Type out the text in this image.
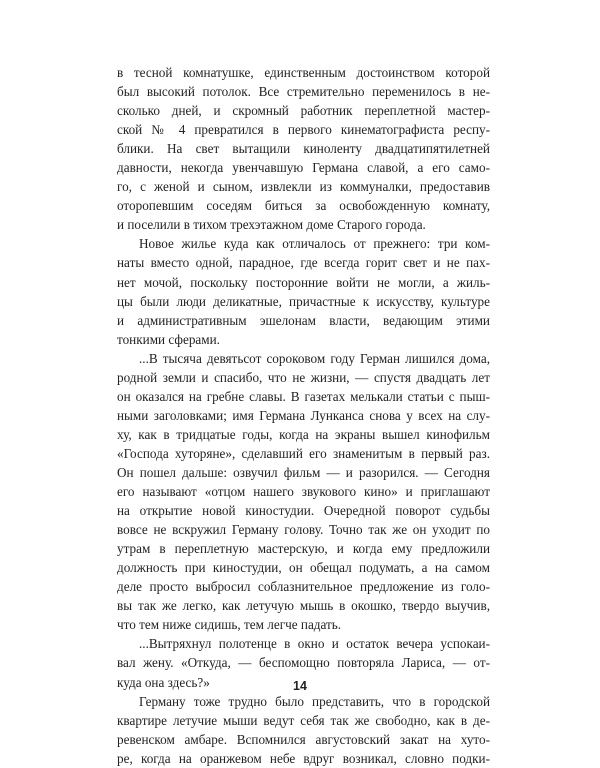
в тесной комнатушке, единственным достоинством которой
был высокий потолок. Все стремительно переменилось в не-
сколько дней, и скромный работник переплетной мастер-
ской № 4 превратился в первого кинематографиста респу-
блики. На свет вытащили киноленту двадцатипятилетней
давности, некогда увенчавшую Германа славой, а его само-
го, с женой и сыном, извлекли из коммуналки, предоставив
оторопевшим соседям биться за освобожденную комнату,
и поселили в тихом трехэтажном доме Старого города.
Новое жилье куда как отличалось от прежнего: три ком-
наты вместо одной, парадное, где всегда горит свет и не пах-
нет мочой, поскольку посторонние войти не могли, а жиль-
цы были люди деликатные, причастные к искусству, культуре
и административным эшелонам власти, ведающим этими
тонкими сферами.
...В тысяча девятьсот сороковом году Герман лишился дома,
родной земли и спасибо, что не жизни, — спустя двадцать лет
он оказался на гребне славы. В газетах мелькали статьи с пыш-
ными заголовками; имя Германа Лунканса снова у всех на слу-
ху, как в тридцатые годы, когда на экраны вышел кинофильм
«Господа хуторяне», сделавший его знаменитым в первый раз.
Он пошел дальше: озвучил фильм — и разорился. — Сегодня
его называют «отцом нашего звукового кино» и приглашают
на открытие новой киностудии. Очередной поворот судьбы
вовсе не вскружил Герману голову. Точно так же он уходит по
утрам в переплетную мастерскую, и когда ему предложили
должность при киностудии, он обещал подумать, а на самом
деле просто выбросил соблазнительное предложение из голо-
вы так же легко, как летучую мышь в окошко, твердо выучив,
что тем ниже сидишь, тем легче падать.
...Вытряхнул полотенце в окно и остаток вечера успокаи-
вал жену. «Откуда, — беспомощно повторяла Лариса, — от-
куда она здесь?»
Герману тоже трудно было представить, что в городской
квартире летучие мыши ведут себя так же свободно, как в де-
ревенском амбаре. Вспомнился августовский закат на хуто-
ре, когда на оранжевом небе вдруг возникал, словно подки-
14
